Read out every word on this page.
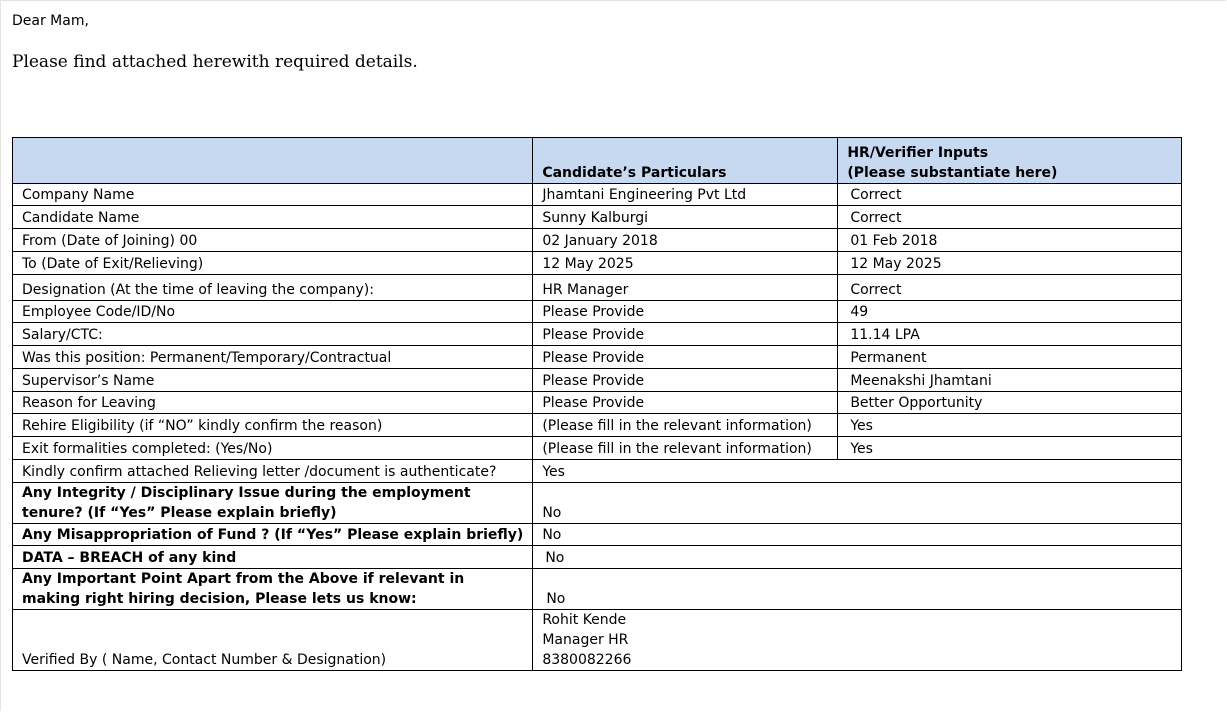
Dear Mam,
Please find attached herewith required details.
	Candidate’s Particulars	HR/Verifier Inputs
(Please substantiate here)

Company Name	Jhamtani Engineering Pvt Ltd	Correct
Candidate Name	Sunny Kalburgi	Correct
From (Date of Joining) 00	02 January 2018	01 Feb 2018
To (Date of Exit/Relieving)	12 May 2025	12 May 2025
Designation (At the time of leaving the company):	HR Manager	Correct
Employee Code/ID/No	Please Provide	49
Salary/CTC:	Please Provide	11.14 LPA
Was this position: Permanent/Temporary/Contractual	Please Provide	Permanent
Supervisor’s Name	Please Provide	Meenakshi Jhamtani
Reason for Leaving	Please Provide	Better Opportunity
Rehire Eligibility (if “NO” kindly confirm the reason)	(Please fill in the relevant information)	Yes
Exit formalities completed: (Yes/No)	(Please fill in the relevant information)	Yes
Kindly confirm attached Relieving letter /document is authenticate?	Yes	
Any Integrity / Disciplinary Issue during the employment tenure? (If “Yes” Please explain briefly)	No	
Any Misappropriation of Fund ? (If “Yes” Please explain briefly)	No	
DATA – BREACH of any kind	No	
Any Important Point Apart from the Above if relevant in making right hiring decision, Please lets us know:	No	
Verified By ( Name, Contact Number & Designation)	Rohit Kende
Manager HR
8380082266	
